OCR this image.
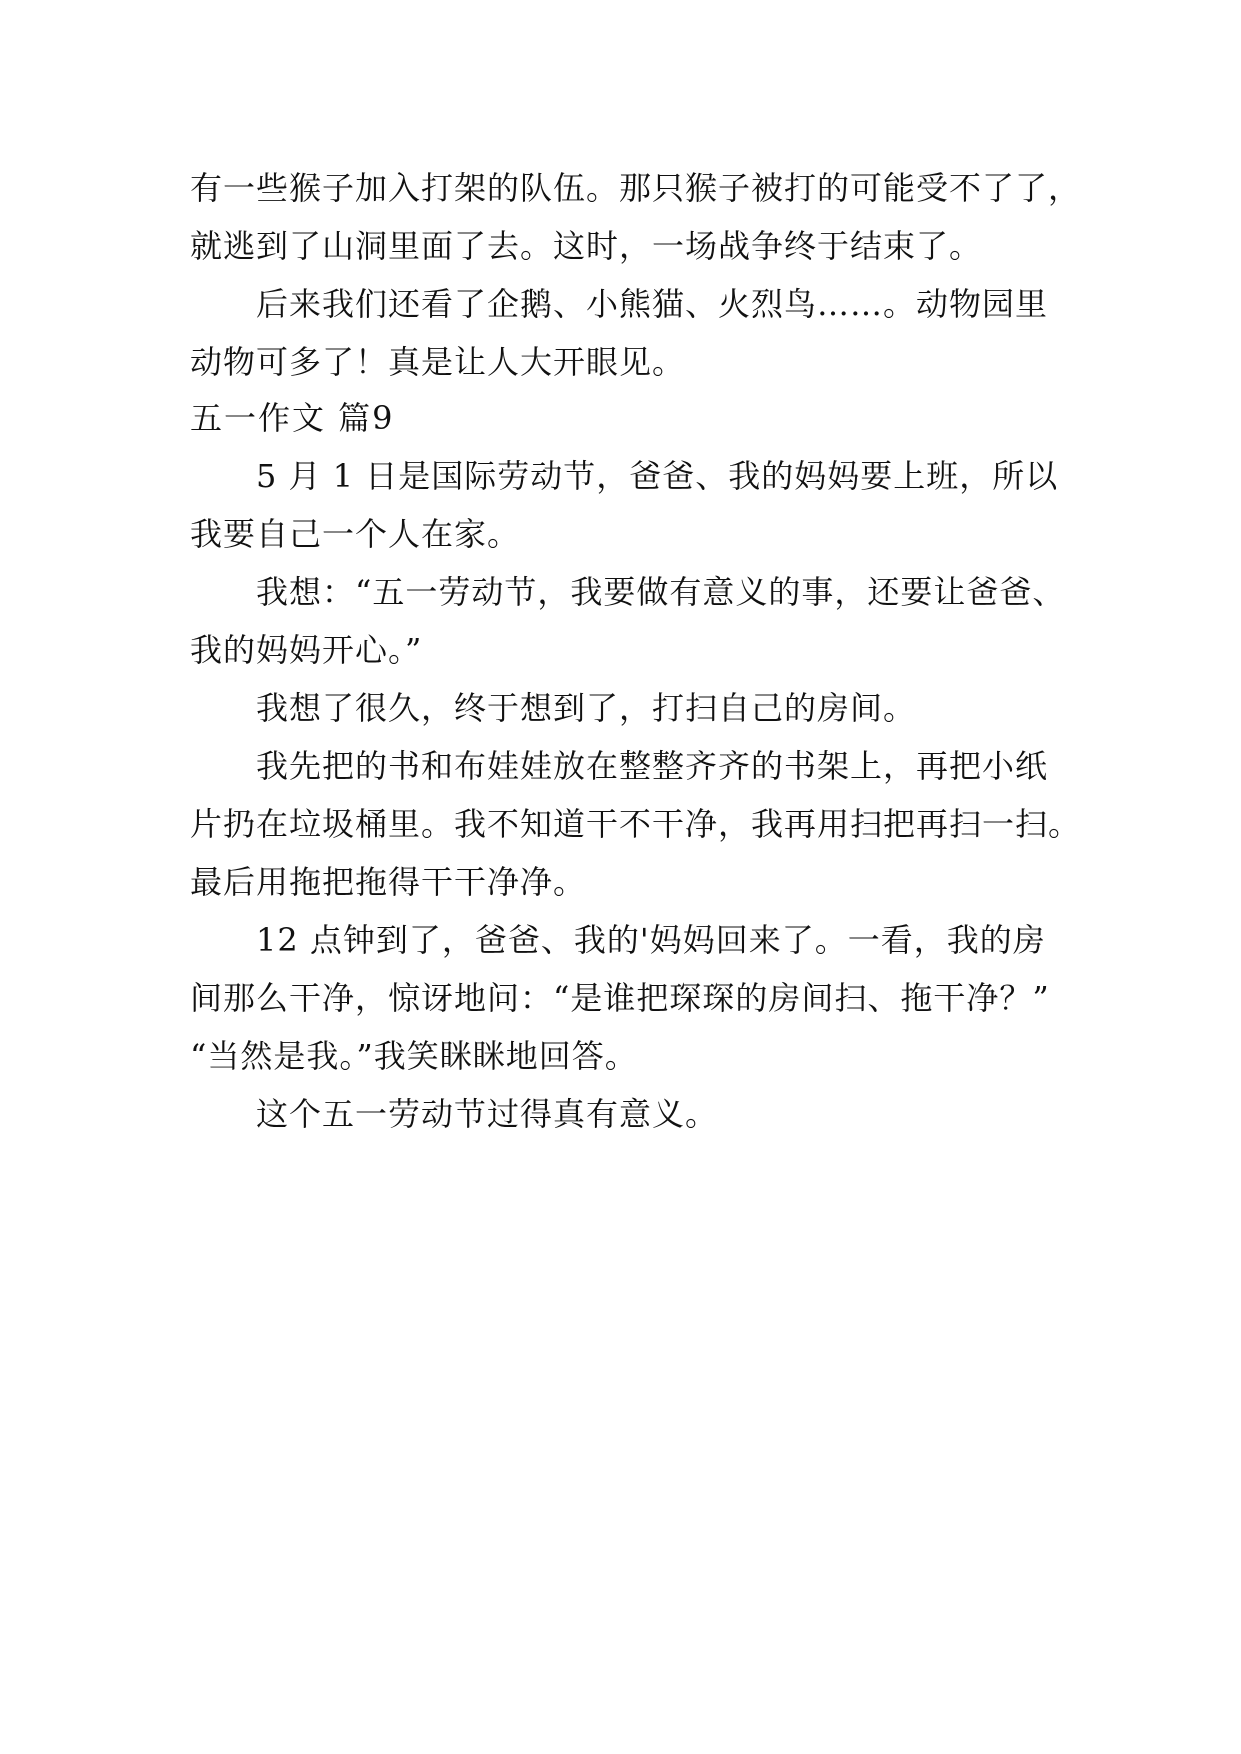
有一些猴子加入打架的队伍。那只猴子被打的可能受不了了，
就逃到了山洞里面了去。这时，一场战争终于结束了。
后来我们还看了企鹅、小熊猫、火烈鸟……。动物园里
动物可多了！真是让人大开眼见。
五一作文 篇9
5 月 1 日是国际劳动节，爸爸、我的妈妈要上班，所以
我要自己一个人在家。
我想：“五一劳动节，我要做有意义的事，还要让爸爸、
我的妈妈开心。”
我想了很久，终于想到了，打扫自己的房间。
我先把的书和布娃娃放在整整齐齐的书架上，再把小纸
片扔在垃圾桶里。我不知道干不干净，我再用扫把再扫一扫。
最后用拖把拖得干干净净。
12 点钟到了，爸爸、我的'妈妈回来了。一看，我的房
间那么干净，惊讶地问：“是谁把琛琛的房间扫、拖干净？”
“当然是我。”我笑眯眯地回答。
这个五一劳动节过得真有意义。
